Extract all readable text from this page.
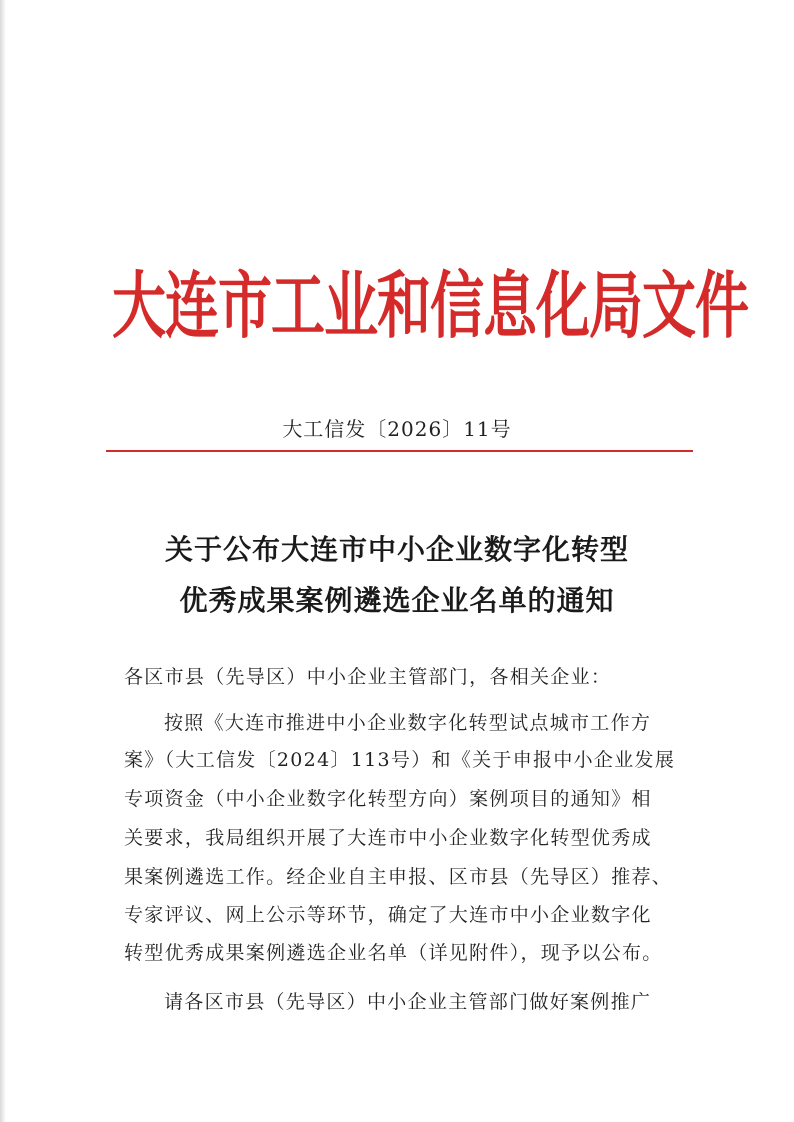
大连市工业和信息化局文件
大工信发〔2026〕11号
关于公布大连市中小企业数字化转型
优秀成果案例遴选企业名单的通知
各区市县（先导区）中小企业主管部门，各相关企业：
按照《大连市推进中小企业数字化转型试点城市工作方
案》（大工信发〔2024〕113号）和《关于申报中小企业发展
专项资金（中小企业数字化转型方向）案例项目的通知》相
关要求，我局组织开展了大连市中小企业数字化转型优秀成
果案例遴选工作。经企业自主申报、区市县（先导区）推荐、
专家评议、网上公示等环节，确定了大连市中小企业数字化
转型优秀成果案例遴选企业名单（详见附件），现予以公布。
请各区市县（先导区）中小企业主管部门做好案例推广
